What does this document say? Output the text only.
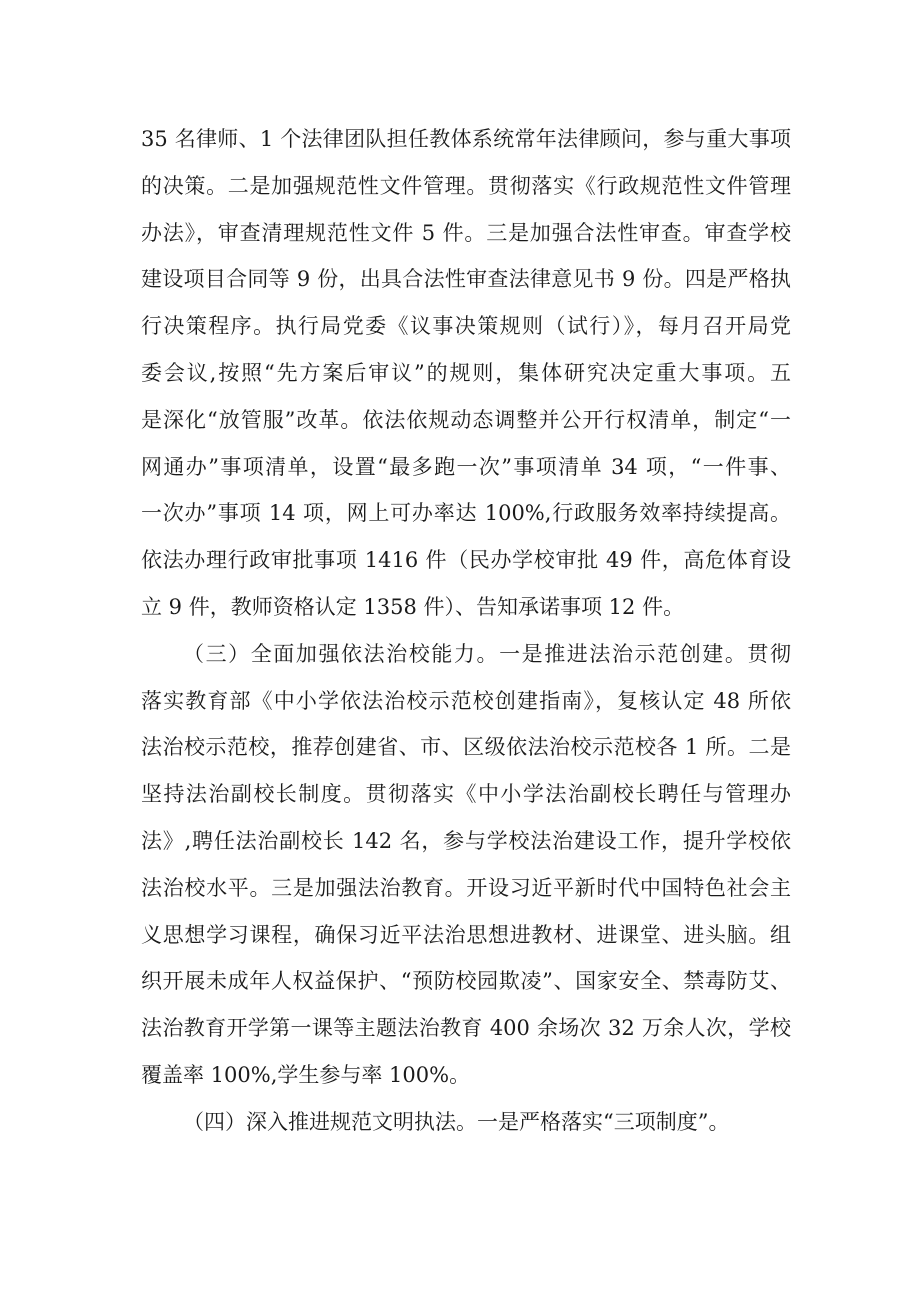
35 名律师、1 个法律团队担任教体系统常年法律顾问，参与重大事项
的决策。二是加强规范性文件管理。贯彻落实《行政规范性文件管理
办法》，审查清理规范性文件 5 件。三是加强合法性审查。审查学校
建设项目合同等 9 份，出具合法性审查法律意见书 9 份。四是严格执
行决策程序。执行局党委《议事决策规则（试行）》，每月召开局党
委会议,按照“先方案后审议”的规则，集体研究决定重大事项。五
是深化“放管服”改革。依法依规动态调整并公开行权清单，制定“一
网通办”事项清单，设置“最多跑一次”事项清单 34 项，“一件事、
一次办”事项 14 项，网上可办率达 100%,行政服务效率持续提高。
依法办理行政审批事项 1416 件（民办学校审批 49 件，高危体育设
立 9 件，教师资格认定 1358 件）、告知承诺事项 12 件。
（三）全面加强依法治校能力。一是推进法治示范创建。贯彻
落实教育部《中小学依法治校示范校创建指南》，复核认定 48 所依
法治校示范校，推荐创建省、市、区级依法治校示范校各 1 所。二是
坚持法治副校长制度。贯彻落实《中小学法治副校长聘任与管理办
法》,聘任法治副校长 142 名，参与学校法治建设工作，提升学校依
法治校水平。三是加强法治教育。开设习近平新时代中国特色社会主
义思想学习课程，确保习近平法治思想进教材、进课堂、进头脑。组
织开展未成年人权益保护、“预防校园欺凌”、国家安全、禁毒防艾、
法治教育开学第一课等主题法治教育 400 余场次 32 万余人次，学校
覆盖率 100%,学生参与率 100%。
（四）深入推进规范文明执法。一是严格落实“三项制度”。
